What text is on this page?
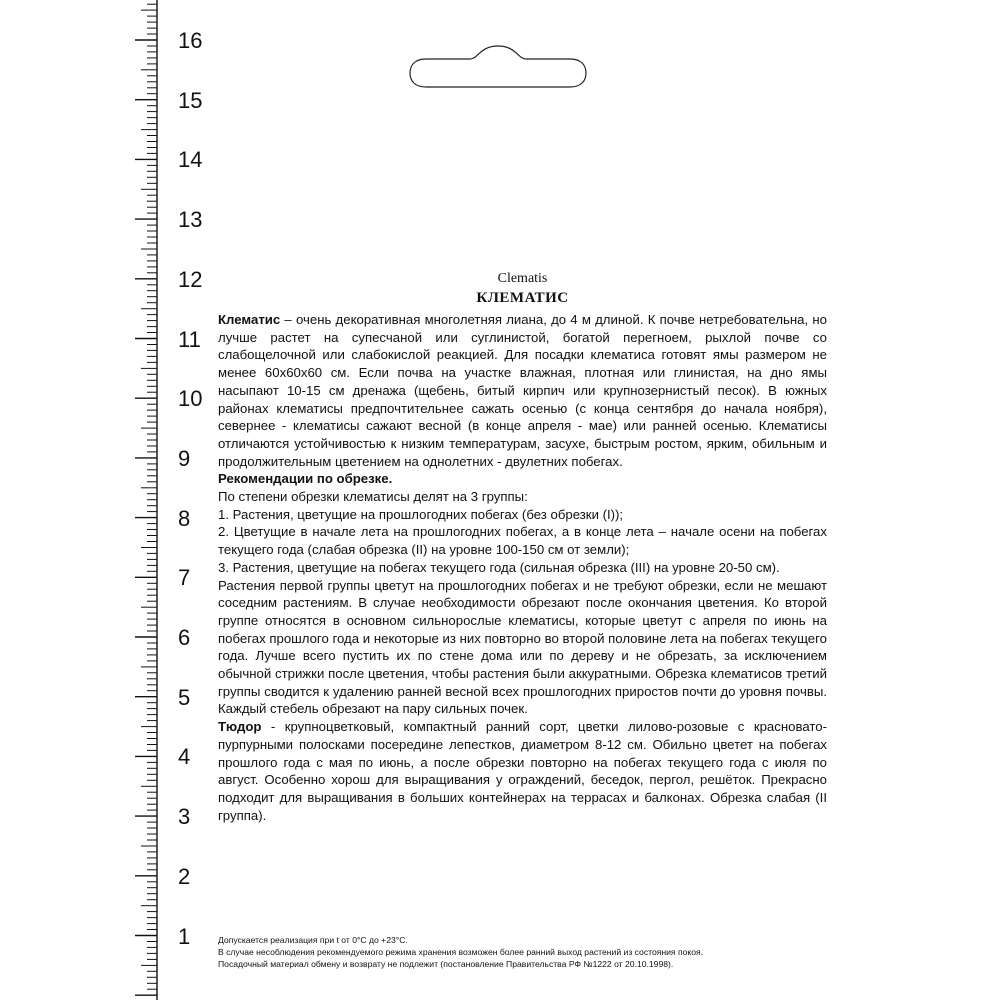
16
15
14
13
12
11
10
9
8
7
6
5
4
3
2
1

Clematis

КЛЕМАТИС

Клематис – очень декоративная многолетняя лиана, до 4 м длиной. К почве нетребовательна, но лучше растет на супесчаной или суглинистой, богатой перегноем, рыхлой почве со слабощелочной или слабокислой реакцией. Для посадки клематиса готовят ямы размером не менее 60х60х60 см. Если почва на участке влажная, плотная или глинистая, на дно ямы насыпают 10-15 см дренажа (щебень, битый кирпич или крупнозернистый песок). В южных районах клематисы предпочтительнее сажать осенью (с конца сентября до начала ноября), севернее - клематисы сажают весной (в конце апреля - мае) или ранней осенью. Клематисы отличаются устойчивостью к низким температурам, засухе, быстрым ростом, ярким, обильным и продолжительным цветением на однолетних - двулетних побегах.

Рекомендации по обрезке.

По степени обрезки клематисы делят на 3 группы:

1. Растения, цветущие на прошлогодних побегах (без обрезки (I));

2. Цветущие в начале лета на прошлогодних побегах, а в конце лета – начале осени на побегах текущего года (слабая обрезка (II) на уровне 100-150 см от земли);

3. Растения, цветущие на побегах текущего года (сильная обрезка (III) на уровне 20-50 см).

Растения первой группы цветут на прошлогодних побегах и не требуют обрезки, если не мешают соседним растениям. В случае необходимости обрезают после окончания цветения. Ко второй группе относятся в основном сильнорослые клематисы, которые цветут с апреля по июнь на побегах прошлого года и некоторые из них повторно во второй половине лета на побегах текущего года. Лучше всего пустить их по стене дома или по дереву и не обрезать, за исключением обычной стрижки после цветения, чтобы растения были аккуратными. Обрезка клематисов третий группы сводится к удалению ранней весной всех прошлогодних приростов почти до уровня почвы. Каждый стебель обрезают на пару сильных почек.

Тюдор - крупноцветковый, компактный ранний сорт, цветки лилово-розовые с красновато-пурпурными полосками посередине лепестков, диаметром 8-12 см. Обильно цветет на побегах прошлого года с мая по июнь, а после обрезки повторно на побегах текущего года с июля по август. Особенно хорош для выращивания у ограждений, беседок, пергол, решёток. Прекрасно подходит для выращивания в больших контейнерах на террасах и балконах. Обрезка слабая (II группа).

Допускается реализация при t от 0°С до +23°С.

В случае несоблюдения рекомендуемого режима хранения возможен более ранний выход растений из состояния покоя.

Посадочный материал обмену и возврату не подлежит (постановление Правительства РФ №1222 от 20.10.1998).
